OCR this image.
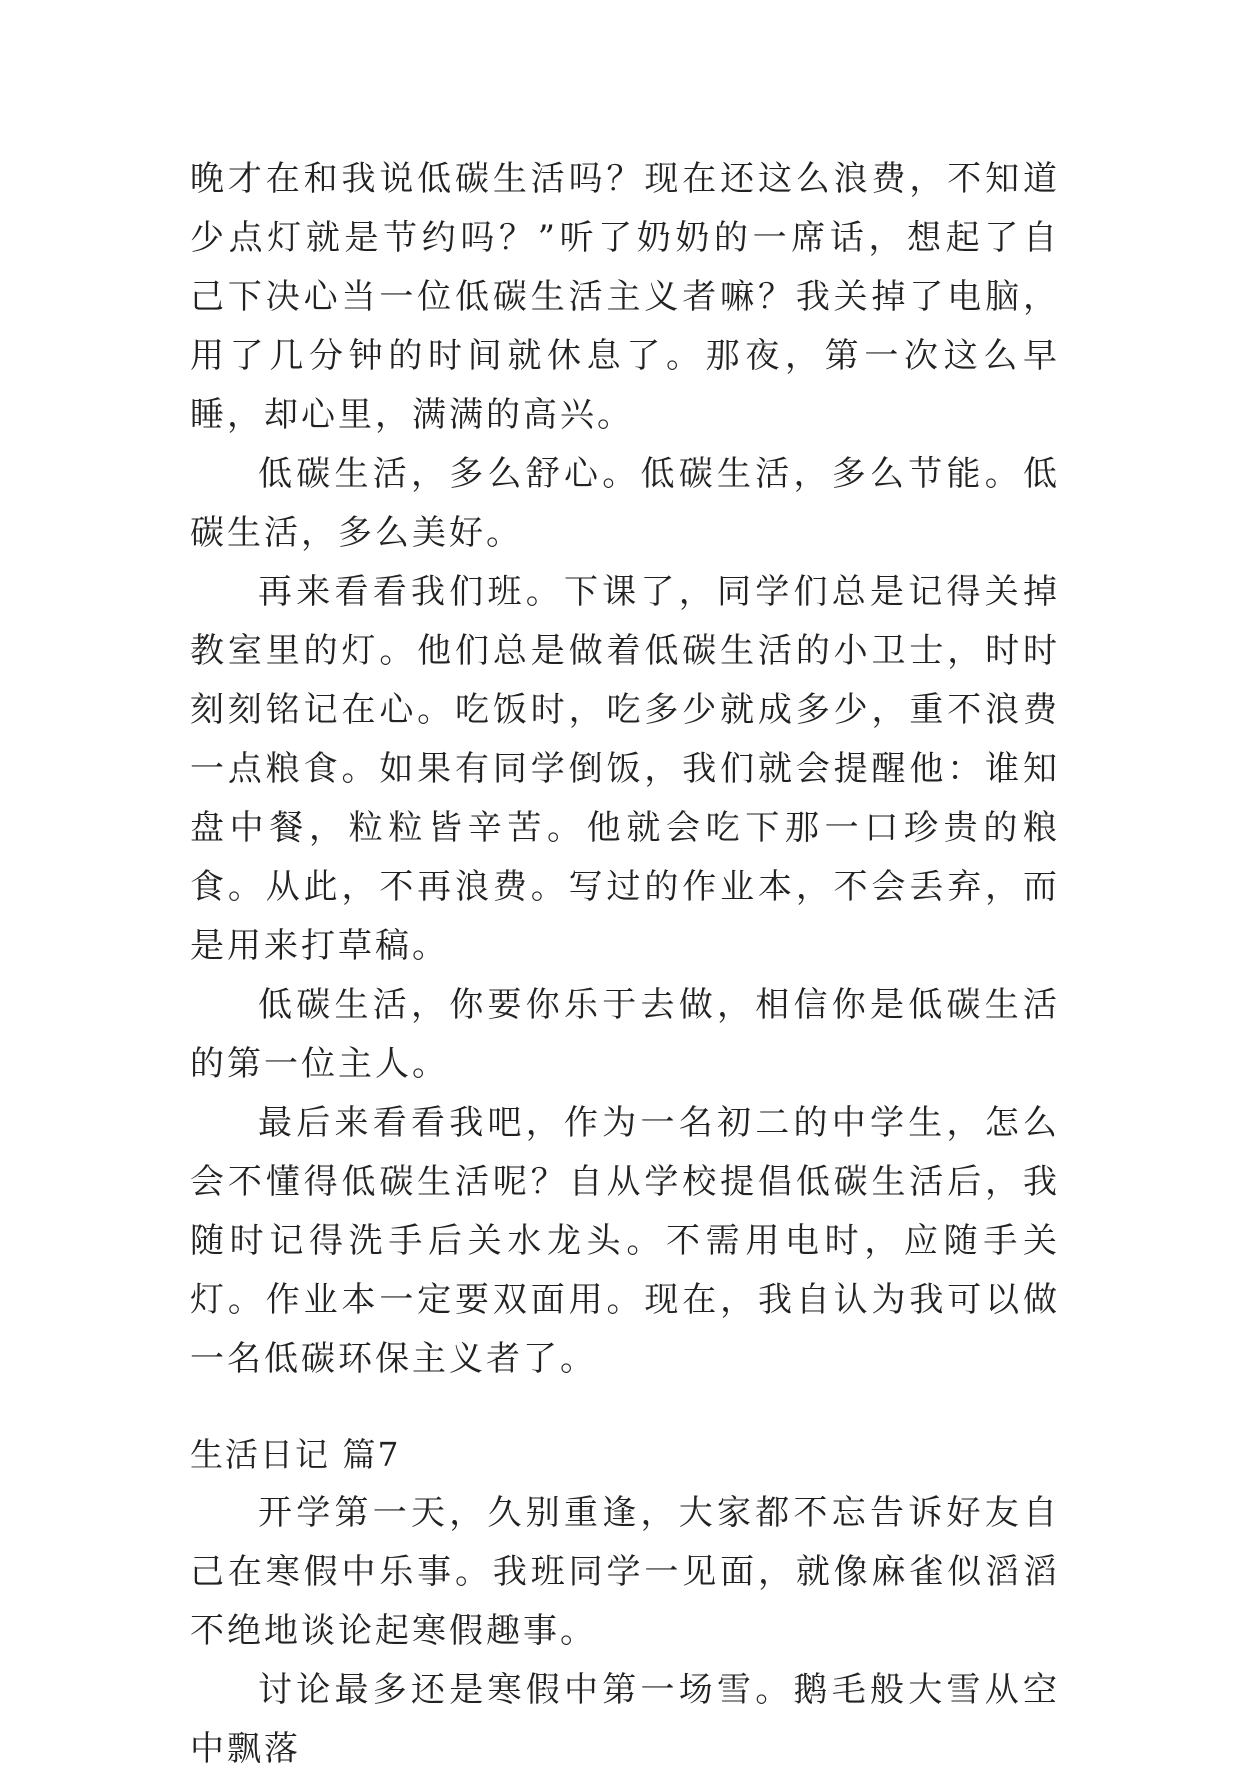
晚才在和我说低碳生活吗？现在还这么浪费，不知道少点灯就是节约吗？”听了奶奶的一席话，想起了自己下决心当一位低碳生活主义者嘛？我关掉了电脑，用了几分钟的时间就休息了。那夜，第一次这么早睡，却心里，满满的高兴。

低碳生活，多么舒心。低碳生活，多么节能。低碳生活，多么美好。

再来看看我们班。下课了，同学们总是记得关掉教室里的灯。他们总是做着低碳生活的小卫士，时时刻刻铭记在心。吃饭时，吃多少就成多少，重不浪费一点粮食。如果有同学倒饭，我们就会提醒他：谁知盘中餐，粒粒皆辛苦。他就会吃下那一口珍贵的粮食。从此，不再浪费。写过的作业本，不会丢弃，而是用来打草稿。

低碳生活，你要你乐于去做，相信你是低碳生活的第一位主人。

最后来看看我吧，作为一名初二的中学生，怎么会不懂得低碳生活呢？自从学校提倡低碳生活后，我随时记得洗手后关水龙头。不需用电时，应随手关灯。作业本一定要双面用。现在，我自认为我可以做一名低碳环保主义者了。

生活日记 篇7

开学第一天，久别重逢，大家都不忘告诉好友自己在寒假中乐事。我班同学一见面，就像麻雀似滔滔不绝地谈论起寒假趣事。

讨论最多还是寒假中第一场雪。鹅毛般大雪从空中飘落
